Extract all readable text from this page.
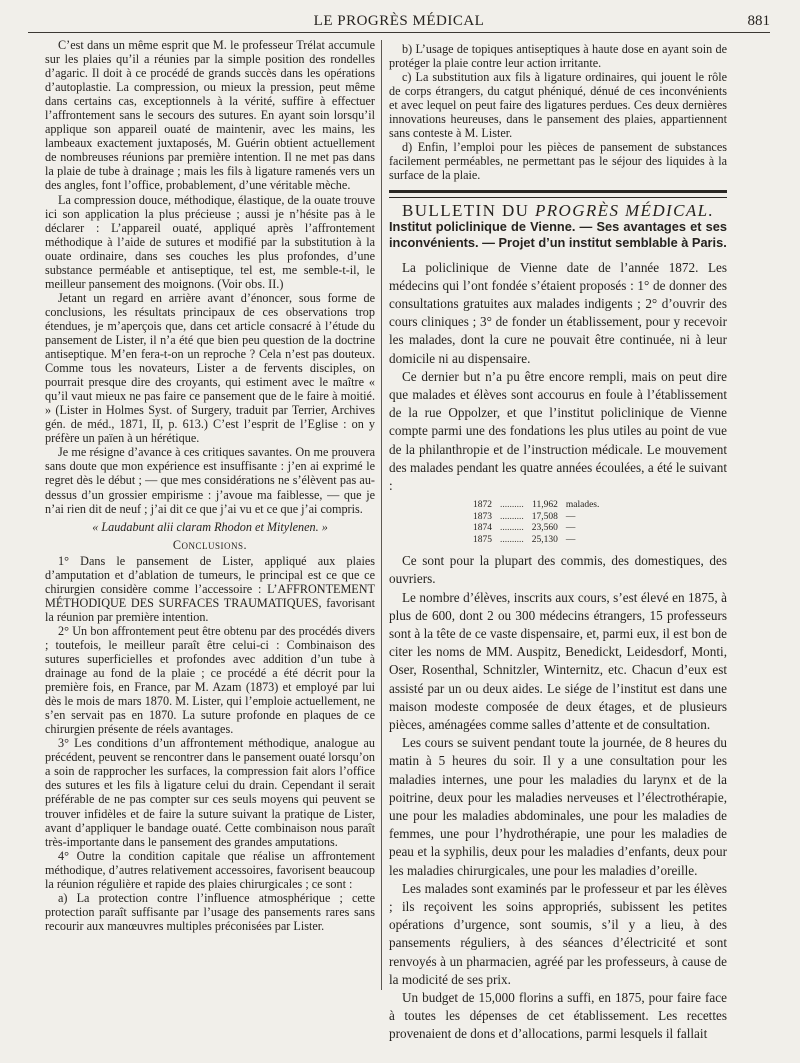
LE PROGRÈS MÉDICAL	881

C’est dans un même esprit que M. le professeur Trélat accumule sur les plaies qu’il a réunies par la simple position des rondelles d’agaric. Il doit à ce procédé de grands succès dans les opérations d’autoplastie. La compression, ou mieux la pression, peut même dans certains cas, exceptionnels à la vérité, suffire à effectuer l’affrontement sans le secours des sutures. En ayant soin lorsqu’il applique son appareil ouaté de maintenir, avec les mains, les lambeaux exactement juxtaposés, M. Guérin obtient actuellement de nombreuses réunions par première intention. Il ne met pas dans la plaie de tube à drainage ; mais les fils à ligature ramenés vers un des angles, font l’office, probablement, d’une véritable mèche.

La compression douce, méthodique, élastique, de la ouate trouve ici son application la plus précieuse ; aussi je n’hésite pas à le déclarer : L’appareil ouaté, appliqué après l’affrontement méthodique à l’aide de sutures et modifié par la substitution à la ouate ordinaire, dans ses couches les plus profondes, d’une substance perméable et antiseptique, tel est, me semble-t-il, le meilleur pansement des moignons. (Voir obs. II.)

Jetant un regard en arrière avant d’énoncer, sous forme de conclusions, les résultats principaux de ces observations trop étendues, je m’aperçois que, dans cet article consacré à l’étude du pansement de Lister, il n’a été que bien peu question de la doctrine antiseptique. M’en fera-t-on un reproche ? Cela n’est pas douteux. Comme tous les novateurs, Lister a de fervents disciples, on pourrait presque dire des croyants, qui estiment avec le maître « qu’il vaut mieux ne pas faire ce pansement que de le faire à moitié. » (Lister in Holmes Syst. of Surgery, traduit par Terrier, Archives gén. de méd., 1871, II, p. 613.) C’est l’esprit de l’Eglise : on y préfère un païen à un hérétique.

Je me résigne d’avance à ces critiques savantes. On me prouvera sans doute que mon expérience est insuffisante : j’en ai exprimé le regret dès le début ; — que mes considérations ne s’élèvent pas au-dessus d’un grossier empirisme : j’avoue ma faiblesse, — que je n’ai rien dit de neuf ; j’ai dit ce que j’ai vu et ce que j’ai compris.

« Laudabunt alii claram Rhodon et Mitylenen. »

Conclusions.

1° Dans le pansement de Lister, appliqué aux plaies d’amputation et d’ablation de tumeurs, le principal est ce que ce chirurgien considère comme l’accessoire : L’AFFRONTEMENT MÉTHODIQUE DES SURFACES TRAUMATIQUES, favorisant la réunion par première intention.

2° Un bon affrontement peut être obtenu par des procédés divers ; toutefois, le meilleur paraît être celui-ci : Combinaison des sutures superficielles et profondes avec addition d’un tube à drainage au fond de la plaie ; ce procédé a été décrit pour la première fois, en France, par M. Azam (1873) et employé par lui dès le mois de mars 1870. M. Lister, qui l’emploie actuellement, ne s’en servait pas en 1870. La suture profonde en plaques de ce chirurgien présente de réels avantages.

3° Les conditions d’un affrontement méthodique, analogue au précédent, peuvent se rencontrer dans le pansement ouaté lorsqu’on a soin de rapprocher les surfaces, la compression fait alors l’office des sutures et les fils à ligature celui du drain. Cependant il serait préférable de ne pas compter sur ces seuls moyens qui peuvent se trouver infidèles et de faire la suture suivant la pratique de Lister, avant d’appliquer le bandage ouaté. Cette combinaison nous paraît très-importante dans le pansement des grandes amputations.

4° Outre la condition capitale que réalise un affrontement méthodique, d’autres relativement accessoires, favorisent beaucoup la réunion régulière et rapide des plaies chirurgicales ; ce sont :

a) La protection contre l’influence atmosphérique ; cette protection paraît suffisante par l’usage des pansements rares sans recourir aux manœuvres multiples préconisées par Lister.

b) L’usage de topiques antiseptiques à haute dose en ayant soin de protéger la plaie contre leur action irritante.

c) La substitution aux fils à ligature ordinaires, qui jouent le rôle de corps étrangers, du catgut phéniqué, dénué de ces inconvénients et avec lequel on peut faire des ligatures perdues. Ces deux dernières innovations heureuses, dans le pansement des plaies, appartiennent sans conteste à M. Lister.

d) Enfin, l’emploi pour les pièces de pansement de substances facilement perméables, ne permettant pas le séjour des liquides à la surface de la plaie.

BULLETIN DU PROGRÈS MÉDICAL.

Institut policlinique de Vienne. — Ses avantages et ses inconvénients. — Projet d’un institut semblable à Paris.

La policlinique de Vienne date de l’année 1872. Les médecins qui l’ont fondée s’étaient proposés : 1° de donner des consultations gratuites aux malades indigents ; 2° d’ouvrir des cours cliniques ; 3° de fonder un établissement, pour y recevoir les malades, dont la cure ne pouvait être continuée, ni à leur domicile ni au dispensaire.

Ce dernier but n’a pu être encore rempli, mais on peut dire que malades et élèves sont accourus en foule à l’établissement de la rue Oppolzer, et que l’institut policlinique de Vienne compte parmi une des fondations les plus utiles au point de vue de la philanthropie et de l’instruction médicale. Le mouvement des malades pendant les quatre années écoulées, a été le suivant :

1872	..........	11,962	malades.
1873	..........	17,508	—
1874	..........	23,560	—
1875	..........	25,130	—

Ce sont pour la plupart des commis, des domestiques, des ouvriers.

Le nombre d’élèves, inscrits aux cours, s’est élevé en 1875, à plus de 600, dont 2 ou 300 médecins étrangers, 15 professeurs sont à la tête de ce vaste dispensaire, et, parmi eux, il est bon de citer les noms de MM. Auspitz, Benedickt, Leidesdorf, Monti, Oser, Rosenthal, Schnitzler, Winternitz, etc. Chacun d’eux est assisté par un ou deux aides. Le siége de l’institut est dans une maison modeste composée de deux étages, et de plusieurs pièces, aménagées comme salles d’attente et de consultation.

Les cours se suivent pendant toute la journée, de 8 heures du matin à 5 heures du soir. Il y a une consultation pour les maladies internes, une pour les maladies du larynx et de la poitrine, deux pour les maladies nerveuses et l’électrothérapie, une pour les maladies abdominales, une pour les maladies de femmes, une pour l’hydrothérapie, une pour les maladies de peau et la syphilis, deux pour les maladies d’enfants, deux pour les maladies chirurgicales, une pour les maladies d’oreille.

Les malades sont examinés par le professeur et par les élèves ; ils reçoivent les soins appropriés, subissent les petites opérations d’urgence, sont soumis, s’il y a lieu, à des pansements réguliers, à des séances d’électricité et sont renvoyés à un pharmacien, agréé par les professeurs, à cause de la modicité de ses prix.

Un budget de 15,000 florins a suffi, en 1875, pour faire face à toutes les dépenses de cet établissement. Les recettes provenaient de dons et d’allocations, parmi lesquels il fallait
